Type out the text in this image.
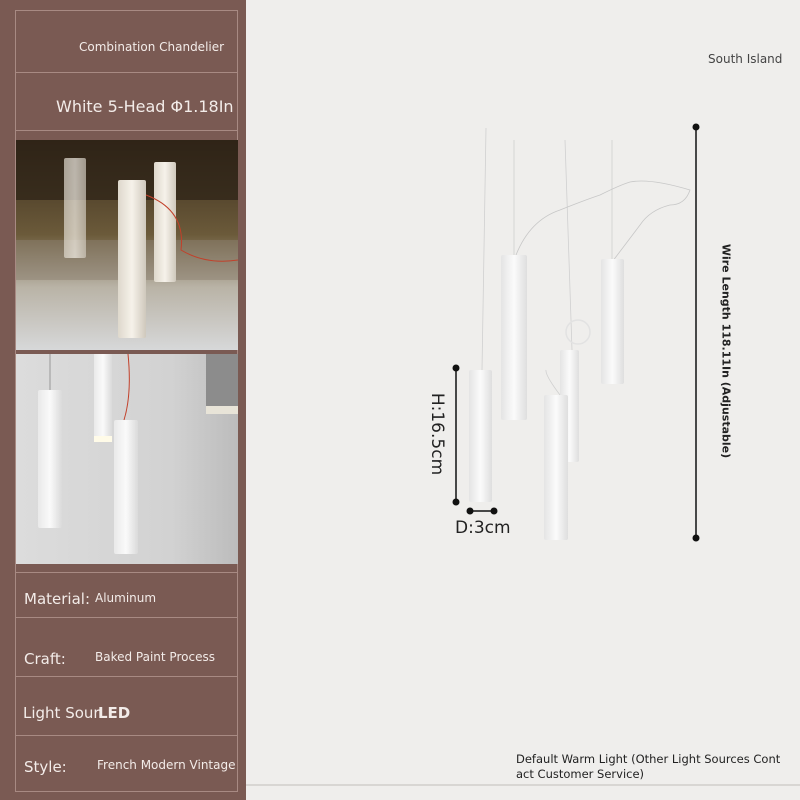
Combination Chandelier
White 5-Head Φ1.18In
Material: Aluminum
Craft: Baked Paint Process
Light Sour
LED
Style:	French Modern Vintage
South Island
H:16.5cm
D:3cm
Wire Length 118.11In (Adjustable)
Default Warm Light (Other Light Sources Cont
act Customer Service)
